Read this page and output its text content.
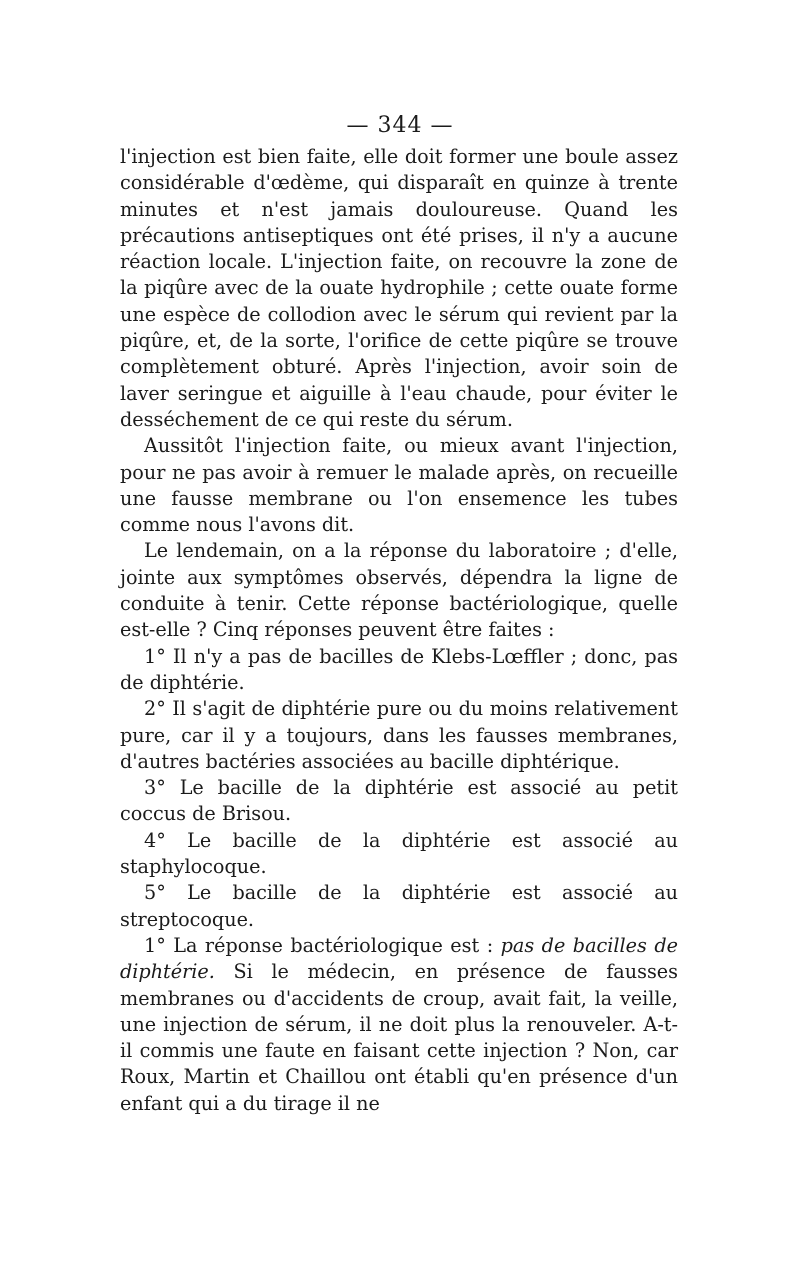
— 344 —

l'injection est bien faite, elle doit former une boule assez considérable d'œdème, qui disparaît en quinze à trente minutes et n'est jamais douloureuse. Quand les précautions antiseptiques ont été prises, il n'y a aucune réaction locale. L'injection faite, on recouvre la zone de la piqûre avec de la ouate hydrophile ; cette ouate forme une espèce de collodion avec le sérum qui revient par la piqûre, et, de la sorte, l'orifice de cette piqûre se trouve complètement obturé. Après l'injection, avoir soin de laver seringue et aiguille à l'eau chaude, pour éviter le desséchement de ce qui reste du sérum.

Aussitôt l'injection faite, ou mieux avant l'injection, pour ne pas avoir à remuer le malade après, on recueille une fausse membrane ou l'on ensemence les tubes comme nous l'avons dit.

Le lendemain, on a la réponse du laboratoire ; d'elle, jointe aux symptômes observés, dépendra la ligne de conduite à tenir. Cette réponse bactériologique, quelle est-elle ? Cinq réponses peuvent être faites :

1° Il n'y a pas de bacilles de Klebs-Lœffler ; donc, pas de diphtérie.

2° Il s'agit de diphtérie pure ou du moins relativement pure, car il y a toujours, dans les fausses membranes, d'autres bactéries associées au bacille diphtérique.

3° Le bacille de la diphtérie est associé au petit coccus de Brisou.

4° Le bacille de la diphtérie est associé au staphylocoque.

5° Le bacille de la diphtérie est associé au streptocoque.

1° La réponse bactériologique est : pas de bacilles de diphtérie. Si le médecin, en présence de fausses membranes ou d'accidents de croup, avait fait, la veille, une injection de sérum, il ne doit plus la renouveler. A-t-il commis une faute en faisant cette injection ? Non, car Roux, Martin et Chaillou ont établi qu'en présence d'un enfant qui a du tirage il ne
